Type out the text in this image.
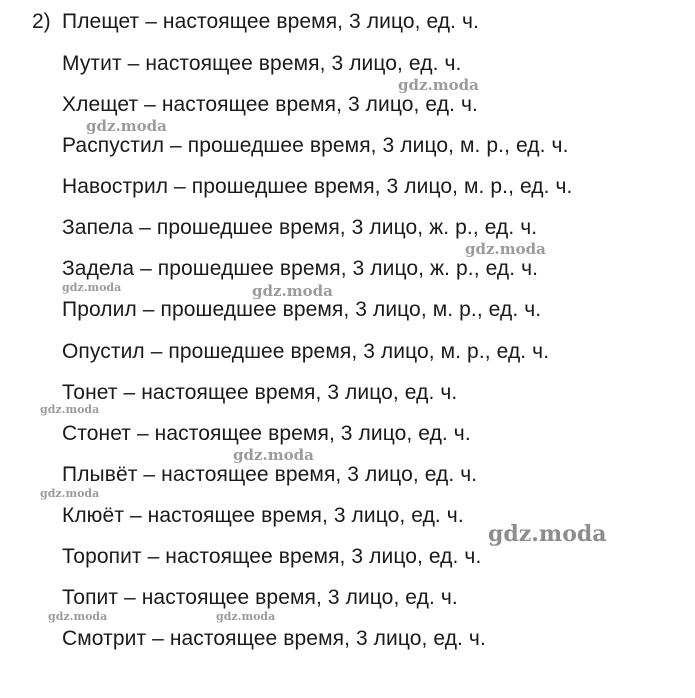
2) Плещет – настоящее время, 3 лицо, ед. ч.
Мутит – настоящее время, 3 лицо, ед. ч.
Хлещет – настоящее время, 3 лицо, ед. ч.
Распустил – прошедшее время, 3 лицо, м. р., ед. ч.
Навострил – прошедшее время, 3 лицо, м. р., ед. ч.
Запела – прошедшее время, 3 лицо, ж. р., ед. ч.
Задела – прошедшее время, 3 лицо, ж. р., ед. ч.
Пролил – прошедшее время, 3 лицо, м. р., ед. ч.
Опустил – прошедшее время, 3 лицо, м. р., ед. ч.
Тонет – настоящее время, 3 лицо, ед. ч.
Стонет – настоящее время, 3 лицо, ед. ч.
Плывёт – настоящее время, 3 лицо, ед. ч.
Клюёт – настоящее время, 3 лицо, ед. ч.
Торопит – настоящее время, 3 лицо, ед. ч.
Топит – настоящее время, 3 лицо, ед. ч.
Смотрит – настоящее время, 3 лицо, ед. ч.
gdz.moda
gdz.moda
gdz.moda
gdz.moda	gdz.moda
gdz.moda
gdz.moda
gdz.moda
gdz.moda
gdz.moda	gdz.moda
